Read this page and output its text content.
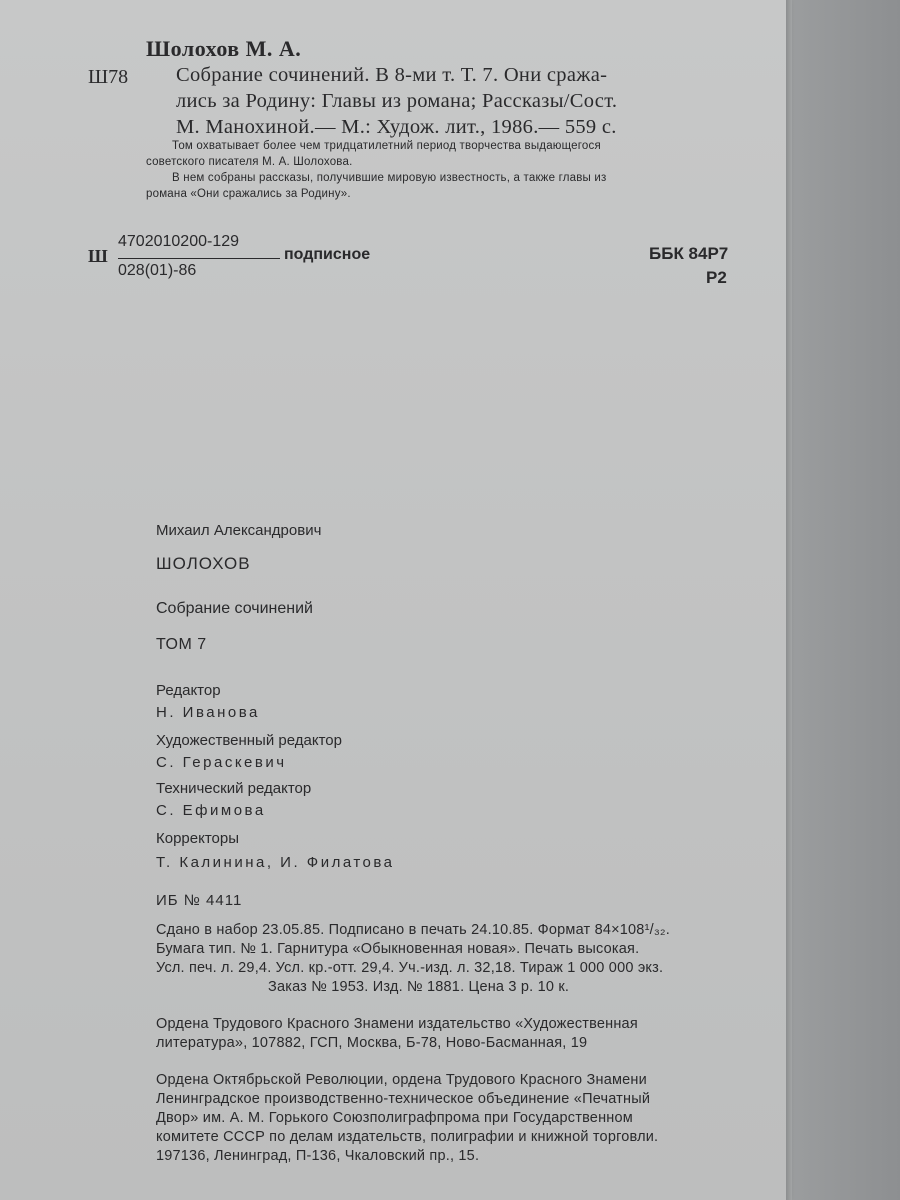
Шолохов М. А.
Ш78 Собрание сочинений. В 8-ми т. Т. 7. Они сража-
лись за Родину: Главы из романа; Рассказы/Сост.
М. Манохиной.— М.: Худож. лит., 1986.— 559 с.
Том охватывает более чем тридцатилетний период творчества выдающегося
советского писателя М. А. Шолохова.
В нем собраны рассказы, получившие мировую известность, а также главы из
романа «Они сражались за Родину».
Ш
4702010200-129
028(01)-86
подписное	ББК 84Р7
Р2
Михаил Александрович
ШОЛОХОВ
Собрание сочинений
ТОМ 7
Редактор
Н. Иванова
Художественный редактор
С. Гераскевич
Технический редактор
С. Ефимова
Корректоры
Т. Калинина, И. Филатова
ИБ № 4411
Сдано в набор 23.05.85. Подписано в печать 24.10.85. Формат 84×108¹/₃₂.
Бумага тип. № 1. Гарнитура «Обыкновенная новая». Печать высокая.
Усл. печ. л. 29,4. Усл. кр.-отт. 29,4. Уч.-изд. л. 32,18. Тираж 1 000 000 экз.
Заказ № 1953. Изд. № 1881. Цена 3 р. 10 к.
Ордена Трудового Красного Знамени издательство «Художественная
литература», 107882, ГСП, Москва, Б-78, Ново-Басманная, 19
Ордена Октябрьской Революции, ордена Трудового Красного Знамени
Ленинградское производственно-техническое объединение «Печатный
Двор» им. А. М. Горького Союзполиграфпрома при Государственном
комитете СССР по делам издательств, полиграфии и книжной торговли.
197136, Ленинград, П-136, Чкаловский пр., 15.
